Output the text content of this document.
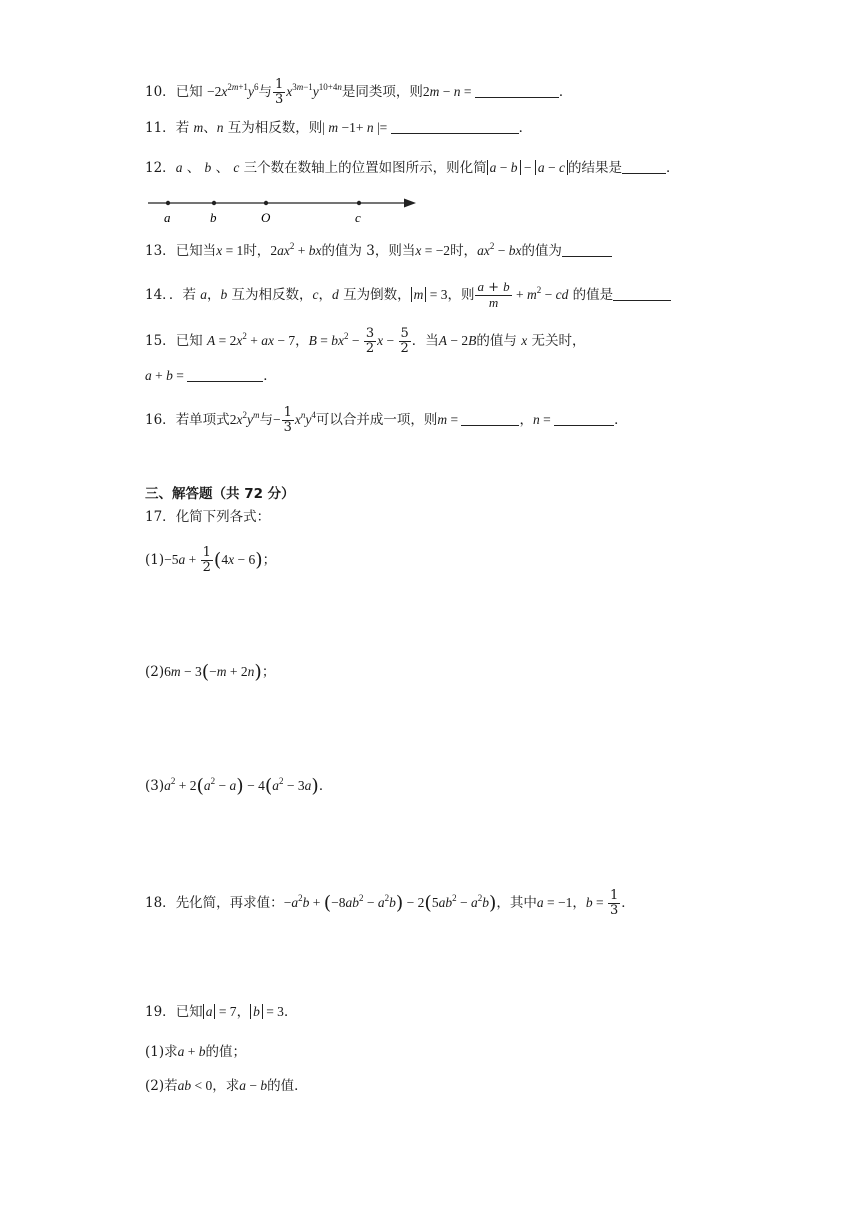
10．已知 $-2x^{2m+1}y^6$与 $\frac{1}{3} x^{3m-1}y^{10+4n}$是同类项，则2m − n =	．
11．若 m、n 互为相反数，则| m −1+ n |=	．
12．a 、 b 、 c 三个数在数轴上的位置如图所示，则化简 a − b − a − c 的结果是	．
a	b	O	c
13．已知当x = 1时，$2ax^2$ + bx的值为 3，则当x = −2时，$ax^2$ − bx的值为
14．．若 a，b 互为相反数，c，d 互为倒数， m = 3，则 $\frac{a + b}{m} + m^2$ − cd 的值是
15．已知 $A = 2x^2$ + ax − 7，$B = bx^2 - \frac{3}{2}$ $x - \frac{5}{2}$ ．当A − 2B的值与 x 无关时，
a + b =	．
16．若单项式$2x^2y^m$与− $\frac{1}{3} x^ny^4$可以合并成一项，则m =	，n =	．
三、解答题（共 72 分）
17．化简下列各式：
$(1)-5a + \frac{1}{2} (4x - 6)$；
(2)6m − 3(−m + 2n)；
$(3)a^2 + 2(a^2 - a) - 4(a^2 - 3a)$．
18．先化简，再求值：$-a^2b + (-8ab^2 - a^2b) - 2(5ab^2 - a^2b)$，其中a = −1，$b = \frac{1}{3}$ ．
19．已知 a = 7， b = 3．
(1)求a + b的值；
(2)若ab < 0，求a − b的值．
